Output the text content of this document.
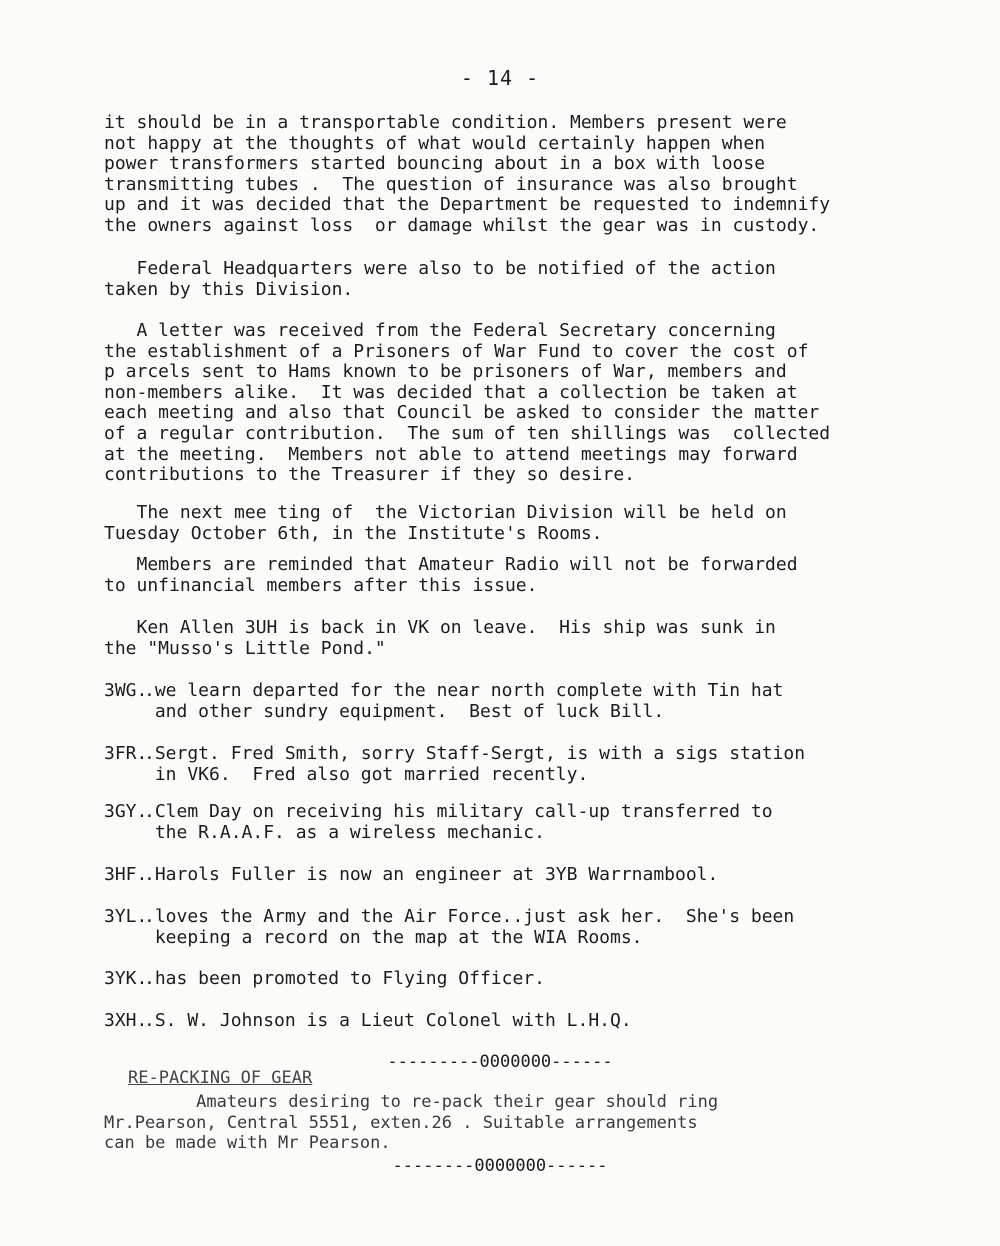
- 14 -
it should be in a transportable condition. Members present were
not happy at the thoughts of what would certainly happen when
power transformers started bouncing about in a box with loose
transmitting tubes .  The question of insurance was also brought
up and it was decided that the Department be requested to indemnify
the owners against loss  or damage whilst the gear was in custody.
Federal Headquarters were also to be notified of the action
taken by this Division.
A letter was received from the Federal Secretary concerning
the establishment of a Prisoners of War Fund to cover the cost of
p arcels sent to Hams known to be prisoners of War, members and
non-members alike.  It was decided that a collection be taken at
each meeting and also that Council be asked to consider the matter
of a regular contribution.  The sum of ten shillings was  collected
at the meeting.  Members not able to attend meetings may forward
contributions to the Treasurer if they so desire.
The next mee ting of  the Victorian Division will be held on
Tuesday October 6th, in the Institute's Rooms.
Members are reminded that Amateur Radio will not be forwarded
to unfinancial members after this issue.
Ken Allen 3UH is back in VK on leave.  His ship was sunk in
the "Musso's Little Pond."
3WG.
.we learn departed for the near north complete with Tin hat
and other sundry equipment.  Best of luck Bill.
3FR.
.Sergt. Fred Smith, sorry Staff-Sergt, is with a sigs station
in VK6.  Fred also got married recently.
3GY.
.Clem Day on receiving his military call-up transferred to
the R.A.A.F. as a wireless mechanic.
3HF.
.Harols Fuller is now an engineer at 3YB Warrnambool.
3YL.
.loves the Army and the Air Force..just ask her.  She's been
keeping a record on the map at the WIA Rooms.
3YK.
.has been promoted to Flying Officer.
3XH.
.S. W. Johnson is a Lieut Colonel with L.H.Q.
---------0000000------
RE-PACKING OF GEAR
Amateurs desiring to re-pack their gear should ring
Mr.Pearson, Central 5551, exten.26 . Suitable arrangements
can be made with Mr Pearson.
--------0000000------
